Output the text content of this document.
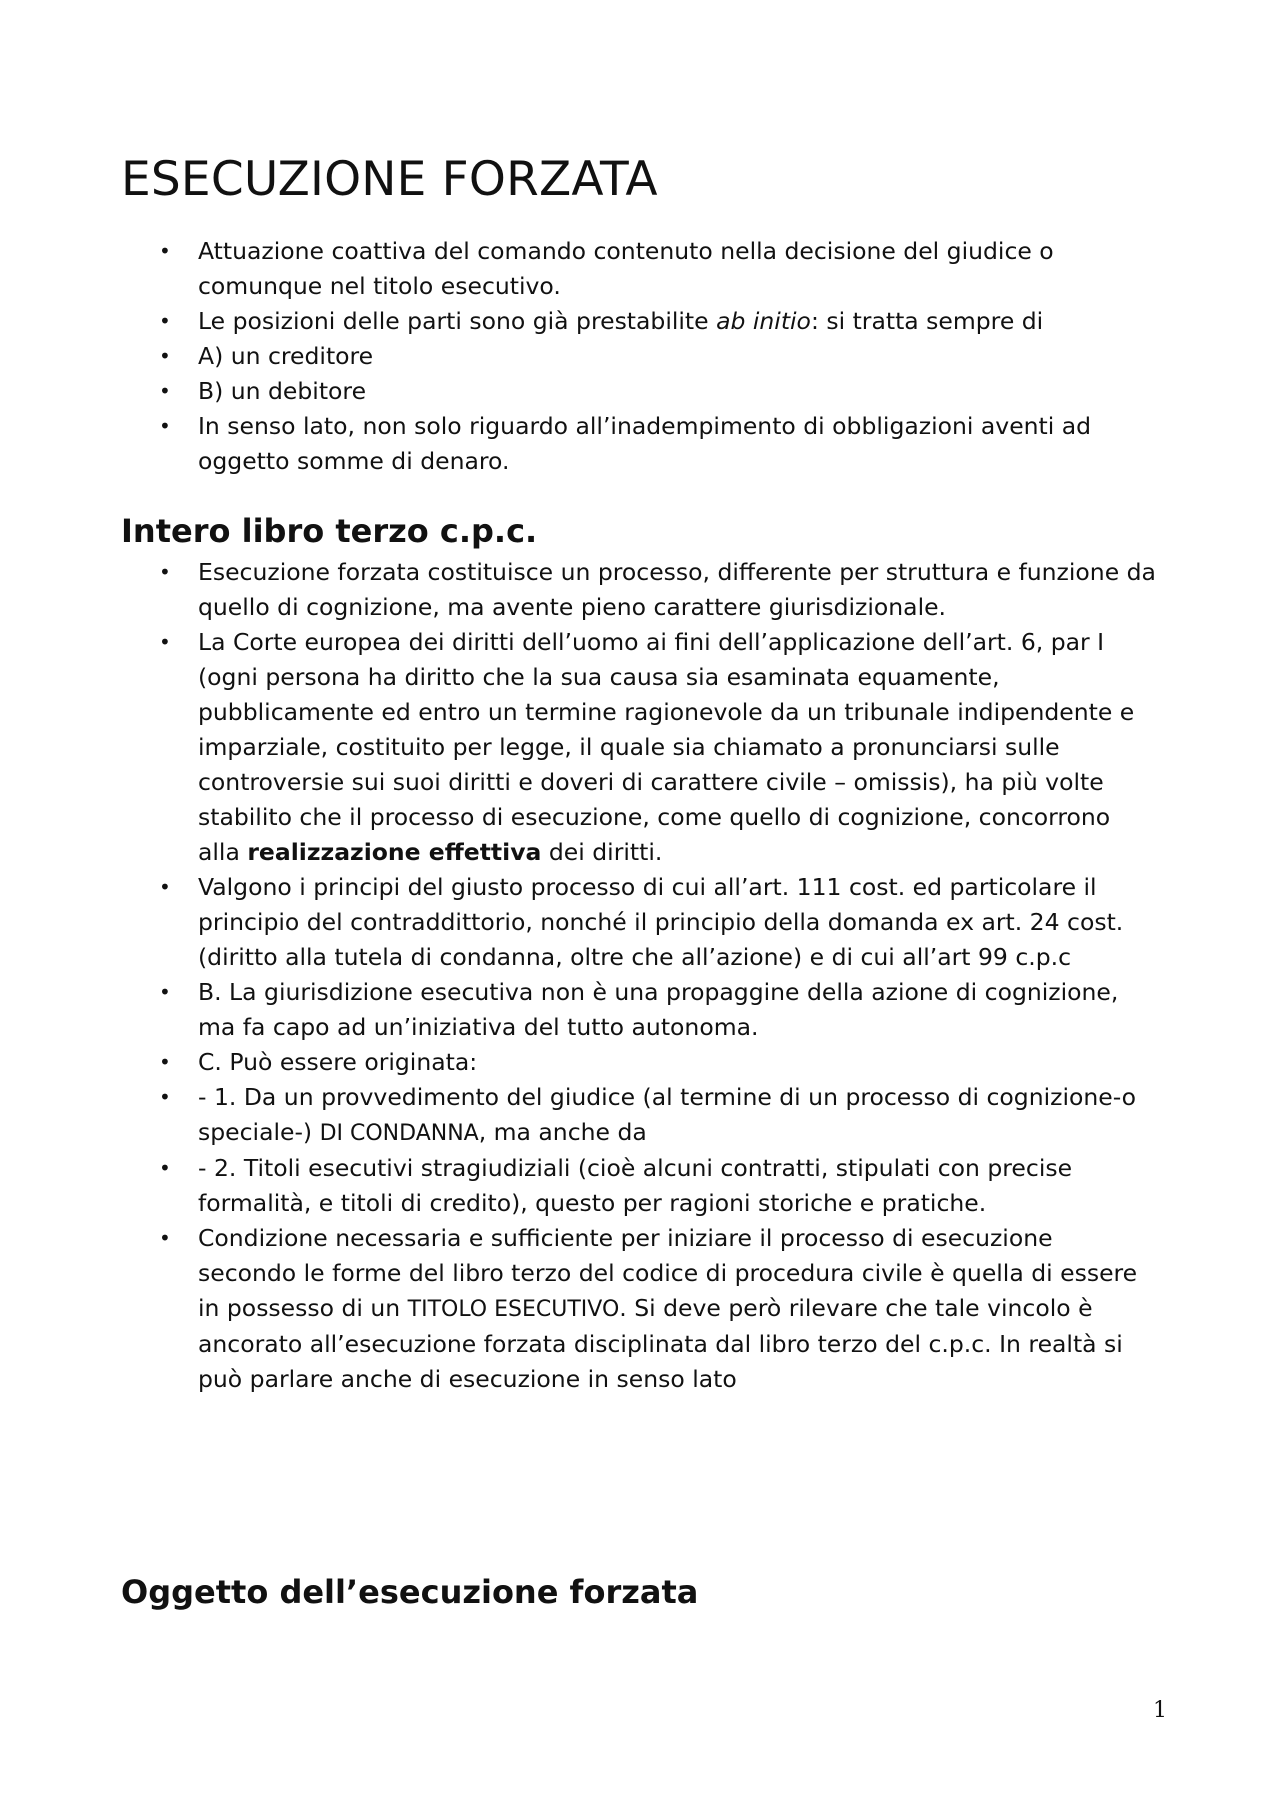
ESECUZIONE FORZATA
• Attuazione coattiva del comando contenuto nella decisione del giudice o comunque nel titolo esecutivo.
• Le posizioni delle parti sono già prestabilite ab initio: si tratta sempre di
• A) un creditore
• B) un debitore
• In senso lato, non solo riguardo all’inadempimento di obbligazioni aventi ad oggetto somme di denaro.
Intero libro terzo c.p.c.
• Esecuzione forzata costituisce un processo, differente per struttura e funzione da quello di cognizione, ma avente pieno carattere giurisdizionale.
• La Corte europea dei diritti dell’uomo ai fini dell’applicazione dell’art. 6, par I (ogni persona ha diritto che la sua causa sia esaminata equamente, pubblicamente ed entro un termine ragionevole da un tribunale indipendente e imparziale, costituito per legge, il quale sia chiamato a pronunciarsi sulle controversie sui suoi diritti e doveri di carattere civile – omissis), ha più volte stabilito che il processo di esecuzione, come quello di cognizione, concorrono alla realizzazione effettiva dei diritti.
• Valgono i principi del giusto processo di cui all’art. 111 cost. ed particolare il principio del contraddittorio, nonché il principio della domanda ex art. 24 cost.(diritto alla tutela di condanna, oltre che all’azione) e di cui all’art 99 c.p.c
• B. La giurisdizione esecutiva non è una propaggine della azione di cognizione, ma fa capo ad un’iniziativa del tutto autonoma.
• C. Può essere originata:
• - 1. Da un provvedimento del giudice (al termine di un processo di cognizione-o speciale-) DI CONDANNA, ma anche da
• - 2. Titoli esecutivi stragiudiziali (cioè alcuni contratti, stipulati con precise formalità, e titoli di credito), questo per ragioni storiche e pratiche.
• Condizione necessaria e sufficiente per iniziare il processo di esecuzione secondo le forme del libro terzo del codice di procedura civile è quella di essere in possesso di un TITOLO ESECUTIVO. Si deve però rilevare che tale vincolo è ancorato all’esecuzione forzata disciplinata dal libro terzo del c.p.c. In realtà si può parlare anche di esecuzione in senso lato
Oggetto dell’esecuzione forzata
1
